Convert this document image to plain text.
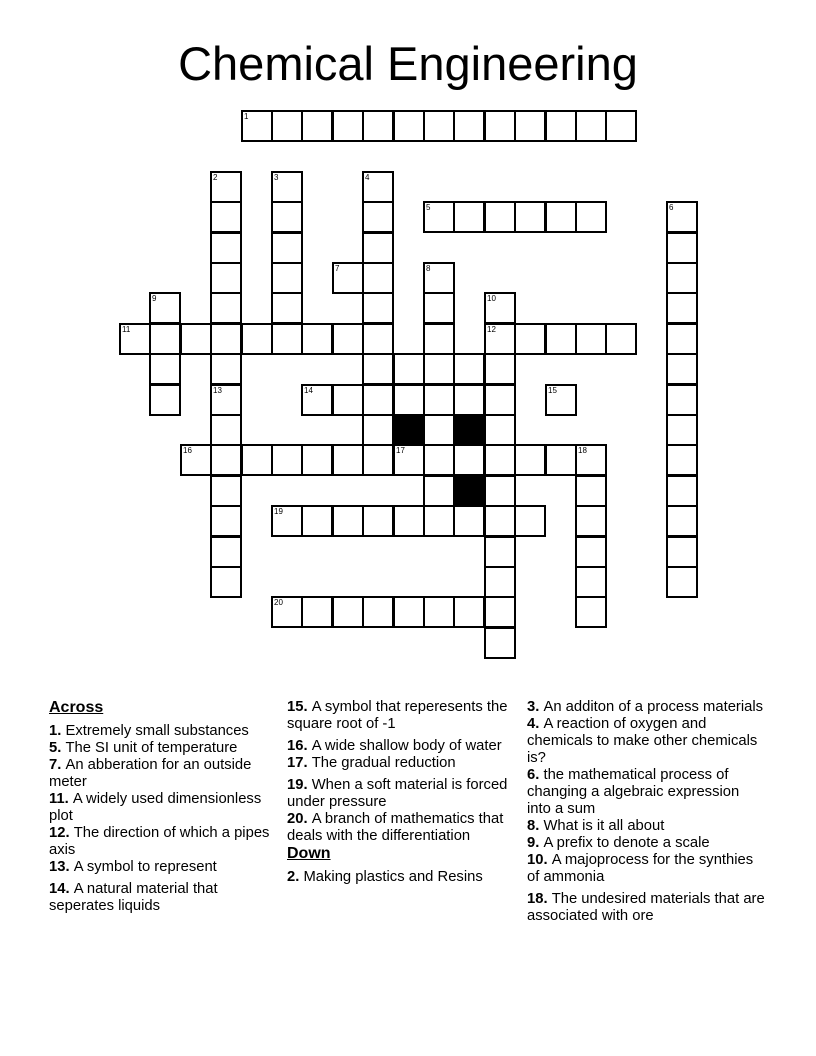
Chemical Engineering
1
2	3	4
5	6
7	8
9	10
11	12
13	14	15
16	17	18
19
20
Across

1. Extremely small substances

5. The SI unit of temperature

7. An abberation for an outside meter

11. A widely used dimensionless plot

12. The direction of which a pipes axis

13. A symbol to represent

14. A natural material that seperates liquids

15. A symbol that reperesents the square root of -1

16. A wide shallow body of water

17. The gradual reduction

19. When a soft material is forced under pressure

20. A branch of mathematics that deals with the differentiation

Down

2. Making plastics and Resins

3. An additon of a process materials

4. A reaction of oxygen and chemicals to make other chemicals is?

6. the mathematical process of changing a algebraic expression into a sum

8. What is it all about

9. A prefix to denote a scale

10. A majoprocess for the synthies of ammonia

18. The undesired materials that are associated with ore
